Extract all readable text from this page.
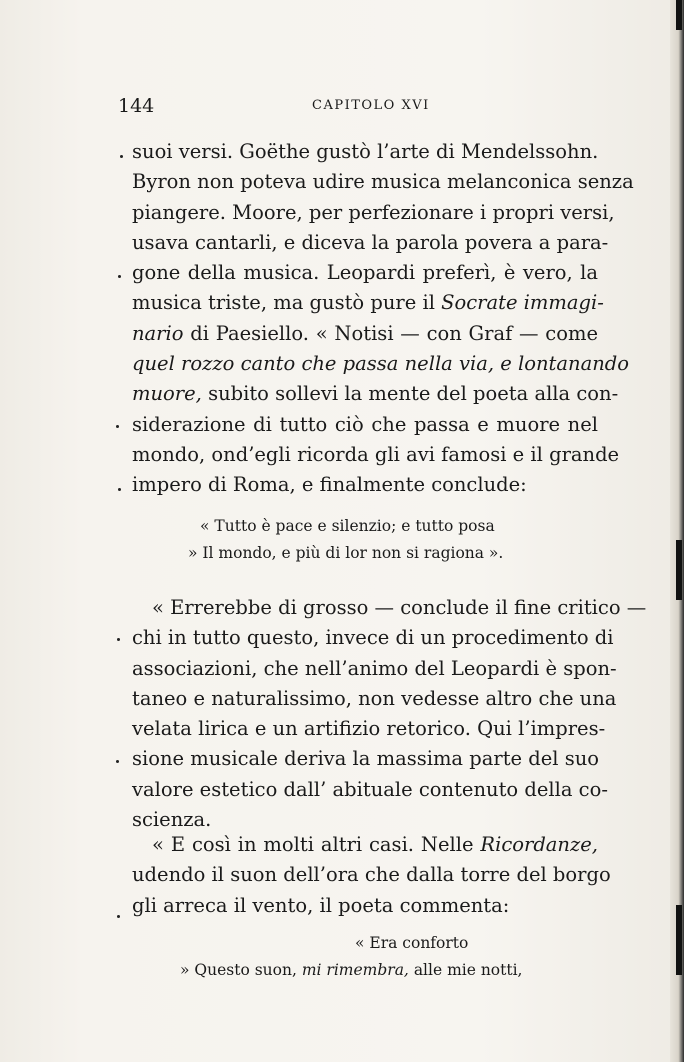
144	CAPITOLO XVI
suoi versi. Goëthe gustò l’arte di Mendelssohn.
Byron non poteva udire musica melanconica senza
piangere. Moore, per perfezionare i propri versi,
usava cantarli, e diceva la parola povera a para-
gone della musica. Leopardi preferì, è vero, la
musica triste, ma gustò pure il Socrate immagi-
nario di Paesiello. « Notisi — con Graf — come
quel rozzo canto che passa nella via, e lontanando
muore, subito sollevi la mente del poeta alla con-
siderazione di tutto ciò che passa e muore nel
mondo, ond’egli ricorda gli avi famosi e il grande
impero di Roma, e finalmente conclude:
« Tutto è pace e silenzio; e tutto posa
» Il mondo, e più di lor non si ragiona ».
« Errerebbe di grosso — conclude il fine critico —
chi in tutto questo, invece di un procedimento di
associazioni, che nell’animo del Leopardi è spon-
taneo e naturalissimo, non vedesse altro che una
velata lirica e un artifizio retorico. Qui l’impres-
sione musicale deriva la massima parte del suo
valore estetico dall’ abituale contenuto della co-
scienza.
« E così in molti altri casi. Nelle Ricordanze,
udendo il suon dell’ora che dalla torre del borgo
gli arreca il vento, il poeta commenta:
« Era conforto
» Questo suon, mi rimembra, alle mie notti,
